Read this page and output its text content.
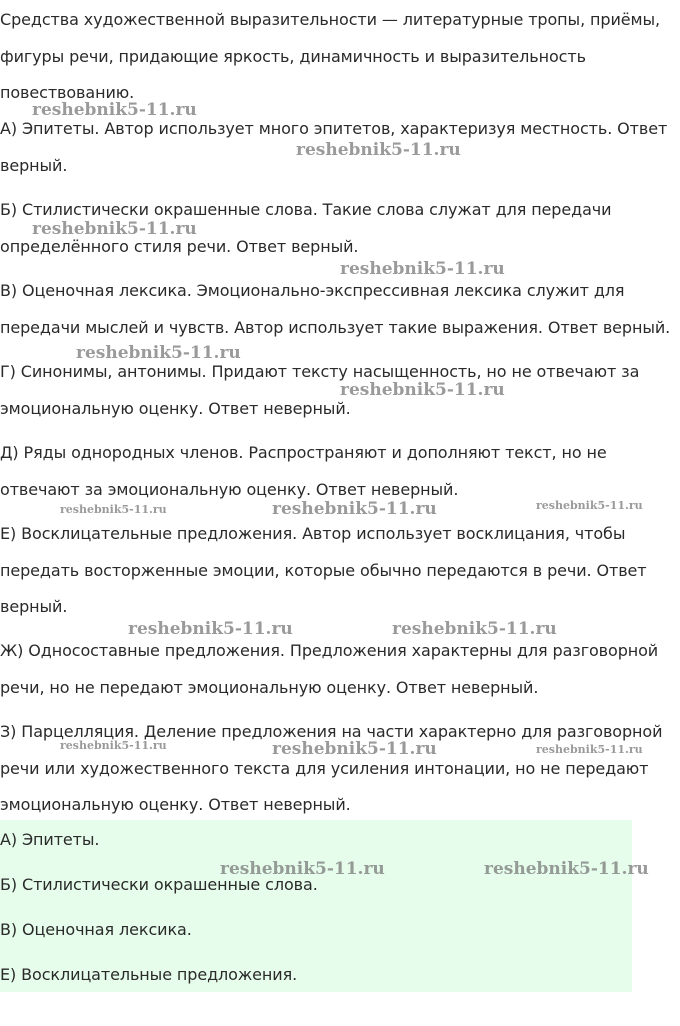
Средства художественной выразительности — литературные тропы, приёмы, фигуры речи, придающие яркость, динамичность и выразительность повествованию.

А) Эпитеты. Автор использует много эпитетов, характеризуя местность. Ответ верный.

Б) Стилистически окрашенные слова. Такие слова служат для передачи определённого стиля речи. Ответ верный.

В) Оценочная лексика. Эмоционально-экспрессивная лексика служит для передачи мыслей и чувств. Автор использует такие выражения. Ответ верный.

Г) Синонимы, антонимы. Придают тексту насыщенность, но не отвечают за эмоциональную оценку. Ответ неверный.

Д) Ряды однородных членов. Распространяют и дополняют текст, но не отвечают за эмоциональную оценку. Ответ неверный.

Е) Восклицательные предложения. Автор использует восклицания, чтобы передать восторженные эмоции, которые обычно передаются в речи. Ответ верный.

Ж) Односоставные предложения. Предложения характерны для разговорной речи, но не передают эмоциональную оценку. Ответ неверный.

З) Парцелляция. Деление предложения на части характерно для разговорной речи или художественного текста для усиления интонации, но не передают эмоциональную оценку. Ответ неверный.

А) Эпитеты.

Б) Стилистически окрашенные слова.

В) Оценочная лексика.

Е) Восклицательные предложения.

reshebnik5-11.ru
reshebnik5-11.ru
reshebnik5-11.ru
reshebnik5-11.ru
reshebnik5-11.ru
reshebnik5-11.ru
reshebnik5-11.ru	reshebnik5-11.ru	reshebnik5-11.ru
reshebnik5-11.ru	reshebnik5-11.ru
reshebnik5-11.ru	reshebnik5-11.ru	reshebnik5-11.ru
reshebnik5-11.ru	reshebnik5-11.ru
